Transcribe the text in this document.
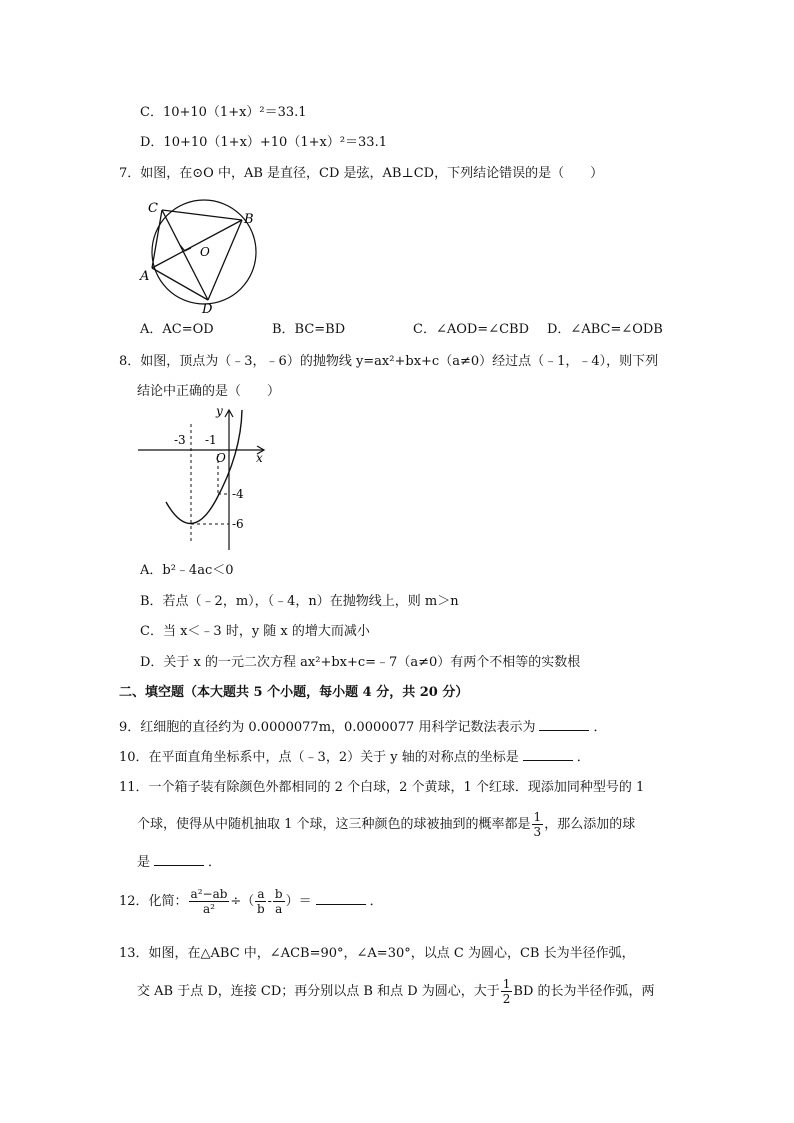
C．10+10（1+x）²＝33.1
D．10+10（1+x）+10（1+x）²＝33.1
7．如图，在⊙O 中，AB 是直径，CD 是弦，AB⊥CD，下列结论错误的是（　　）
C
B
O
A
D
A．AC=OD	B．BC=BD	C．∠AOD=∠CBD D．∠ABC=∠ODB
8．如图，顶点为（﹣3，﹣6）的抛物线 y=ax²+bx+c（a≠0）经过点（﹣1，﹣4），则下列
结论中正确的是（　　）
-3 -1
O
y
x
-4
-6
A．b²﹣4ac＜0
B．若点（﹣2，m），（﹣4，n）在抛物线上，则 m＞n
C．当 x＜﹣3 时，y 随 x 的增大而减小
D．关于 x 的一元二次方程 ax²+bx+c=﹣7（a≠0）有两个不相等的实数根
二、填空题（本大题共 5 个小题，每小题 4 分，共 20 分）
9．红细胞的直径约为 0.0000077m，0.0000077 用科学记数法表示为	．
10．在平面直角坐标系中，点（﹣3，2）关于 y 轴的对称点的坐标是	．
11．一个箱子装有除颜色外都相同的 2 个白球，2 个黄球，1 个红球．现添加同种型号的 1
个球，使得从中随机抽取 1 个球，这三种颜色的球被抽到的概率都是 $\frac{1}{3}$ ，那么添加的球
是	．
12．化简： $\frac{\text{a²−ab}}{\text{a²}}$ ÷（ $\frac{a}{b} - \frac{b}{a}$ ）＝	．
13．如图，在△ABC 中，∠ACB=90°，∠A=30°，以点 C 为圆心，CB 长为半径作弧，
交 AB 于点 D，连接 CD；再分别以点 B 和点 D 为圆心，大于 $\frac{1}{2}$ BD 的长为半径作弧，两
